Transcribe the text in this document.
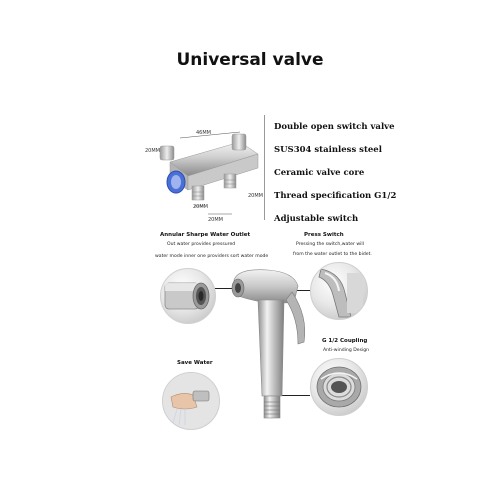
Universal valve
46MM
20MM
20MM
20MM
20MM
Double open switch valve
SUS304 stainless steel
Ceramic valve core
Thread specification G1/2
Adjustable switch
Annular Sharpe Water Outlet
Out water provides pressured
water mode inner one providers sort water mode
Press Switch
Pressing the switch,water will
from the water outlet to the bidet.
G 1/2 Coupling
Anti-winding Design
Save Water
